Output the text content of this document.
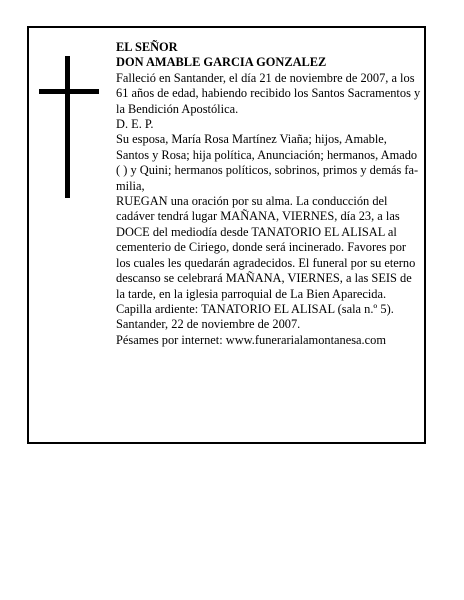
EL SEÑOR

DON AMABLE GARCIA GONZALEZ

Falleció en Santander, el día 21 de noviembre de 2007, a los 61 años de edad, habiendo recibido los Santos Sacramentos y la Bendición Apostólica.

D. E. P.

Su esposa, María Rosa Martínez Viaña; hijos, Amable, Santos y Rosa; hija política, Anunciación; hermanos, Amado ( ) y Quini; hermanos políticos, sobrinos, primos y demás fa-milia,

RUEGAN una oración por su alma. La conducción del cadáver tendrá lugar MAÑANA, VIERNES, día 23, a las DOCE del mediodía desde TANATORIO EL ALISAL al cementerio de Ciriego, donde será incinerado. Favores por los cuales les quedarán agradecidos. El funeral por su eterno descanso se celebrará MAÑANA, VIERNES, a las SEIS de la tarde, en la iglesia parroquial de La Bien Aparecida. Capilla ardiente: TANATORIO EL ALISAL (sala n.º 5).

Santander, 22 de noviembre de 2007.

Pésames por internet: www.funerarialamontanesa.com
